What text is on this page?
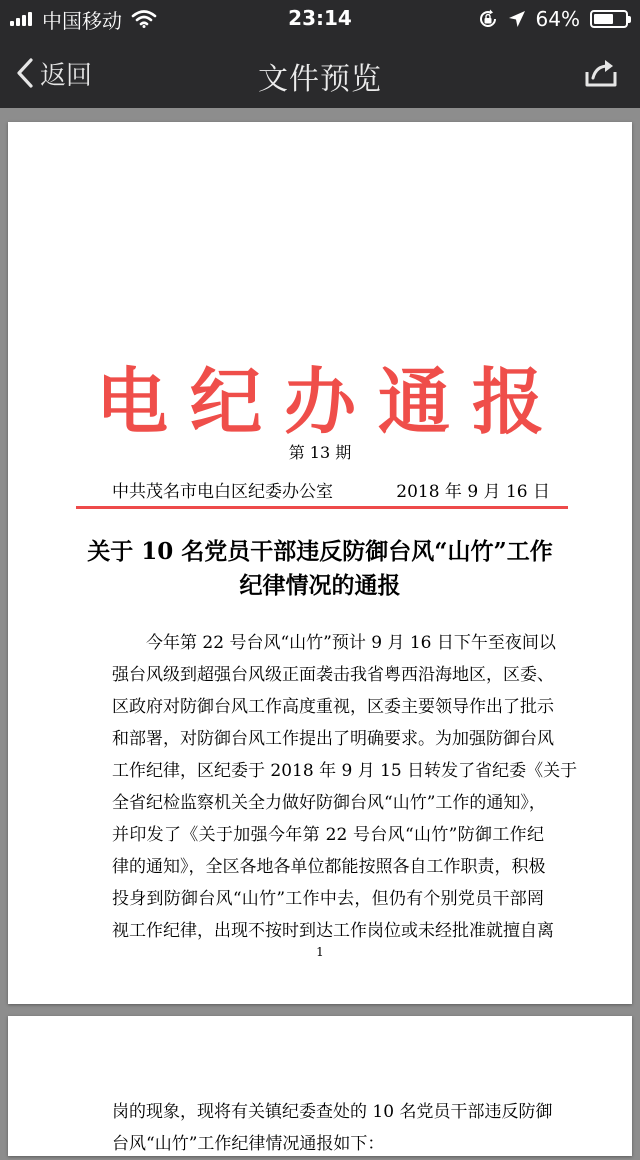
中国移动	23:14	64%
返回	文件预览
电纪办通报
第 13 期
中共茂名市电白区纪委办公室	2018 年 9 月 16 日
关于 10 名党员干部违反防御台风“山竹”工作
纪律情况的通报
今年第 22 号台风“山竹”预计 9 月 16 日下午至夜间以
强台风级到超强台风级正面袭击我省粤西沿海地区，区委、
区政府对防御台风工作高度重视，区委主要领导作出了批示
和部署，对防御台风工作提出了明确要求。为加强防御台风
工作纪律，区纪委于 2018 年 9 月 15 日转发了省纪委《关于
全省纪检监察机关全力做好防御台风“山竹”工作的通知》，
并印发了《关于加强今年第 22 号台风“山竹”防御工作纪
律的通知》，全区各地各单位都能按照各自工作职责，积极
投身到防御台风“山竹”工作中去，但仍有个别党员干部罔
视工作纪律，出现不按时到达工作岗位或未经批准就擅自离
1
岗的现象，现将有关镇纪委查处的 10 名党员干部违反防御
台风“山竹”工作纪律情况通报如下：
